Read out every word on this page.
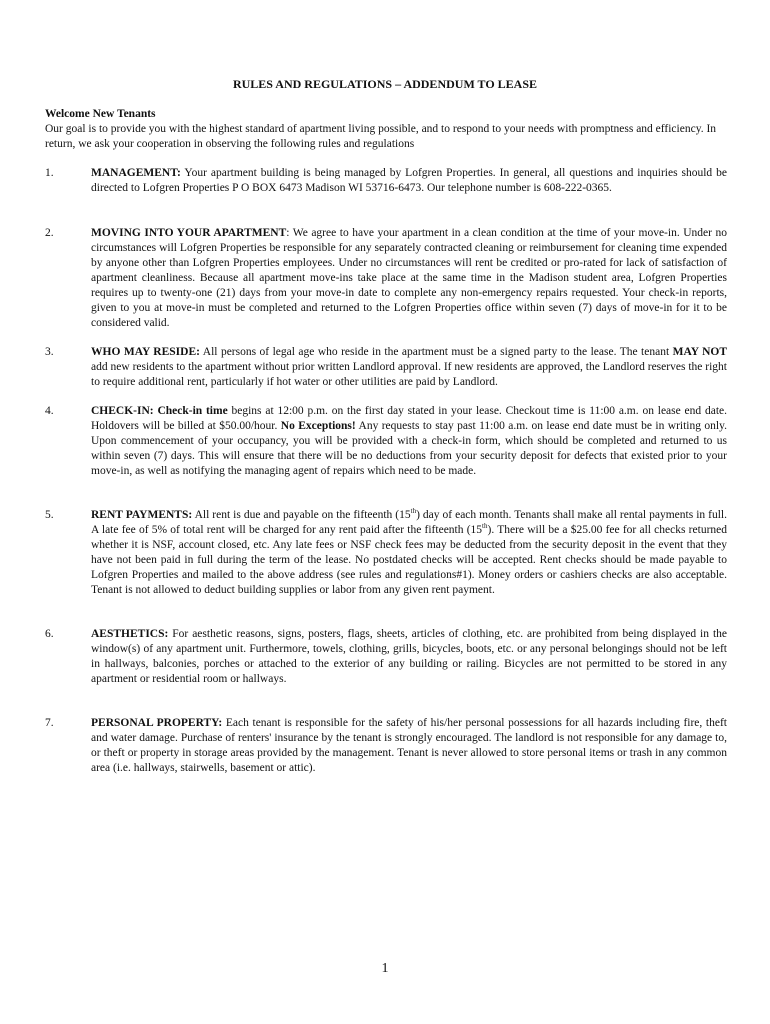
RULES AND REGULATIONS – ADDENDUM TO LEASE
Welcome New Tenants
Our goal is to provide you with the highest standard of apartment living possible, and to respond to your needs with promptness and efficiency. In return, we ask your cooperation in observing the following rules and regulations
1.	MANAGEMENT: Your apartment building is being managed by Lofgren Properties. In general, all questions and inquiries should be directed to Lofgren Properties P O BOX 6473 Madison WI 53716-6473. Our telephone number is 608-222-0365.
2.	MOVING INTO YOUR APARTMENT: We agree to have your apartment in a clean condition at the time of your move-in. Under no circumstances will Lofgren Properties be responsible for any separately contracted cleaning or reimbursement for cleaning time expended by anyone other than Lofgren Properties employees. Under no circumstances will rent be credited or pro-rated for lack of satisfaction of apartment cleanliness. Because all apartment move-ins take place at the same time in the Madison student area, Lofgren Properties requires up to twenty-one (21) days from your move-in date to complete any non-emergency repairs requested. Your check-in reports, given to you at move-in must be completed and returned to the Lofgren Properties office within seven (7) days of move-in for it to be considered valid.
3.	WHO MAY RESIDE: All persons of legal age who reside in the apartment must be a signed party to the lease. The tenant MAY NOT add new residents to the apartment without prior written Landlord approval. If new residents are approved, the Landlord reserves the right to require additional rent, particularly if hot water or other utilities are paid by Landlord.
4.	CHECK-IN: Check-in time begins at 12:00 p.m. on the first day stated in your lease. Checkout time is 11:00 a.m. on lease end date. Holdovers will be billed at $50.00/hour. No Exceptions! Any requests to stay past 11:00 a.m. on lease end date must be in writing only. Upon commencement of your occupancy, you will be provided with a check-in form, which should be completed and returned to us within seven (7) days. This will ensure that there will be no deductions from your security deposit for defects that existed prior to your move-in, as well as notifying the managing agent of repairs which need to be made.
5.	RENT PAYMENTS: All rent is due and payable on the fifteenth (15th) day of each month. Tenants shall make all rental payments in full. A late fee of 5% of total rent will be charged for any rent paid after the fifteenth (15th). There will be a $25.00 fee for all checks returned whether it is NSF, account closed, etc. Any late fees or NSF check fees may be deducted from the security deposit in the event that they have not been paid in full during the term of the lease. No postdated checks will be accepted. Rent checks should be made payable to Lofgren Properties and mailed to the above address (see rules and regulations#1). Money orders or cashiers checks are also acceptable. Tenant is not allowed to deduct building supplies or labor from any given rent payment.
6.	AESTHETICS: For aesthetic reasons, signs, posters, flags, sheets, articles of clothing, etc. are prohibited from being displayed in the window(s) of any apartment unit. Furthermore, towels, clothing, grills, bicycles, boots, etc. or any personal belongings should not be left in hallways, balconies, porches or attached to the exterior of any building or railing. Bicycles are not permitted to be stored in any apartment or residential room or hallways.
7.	PERSONAL PROPERTY: Each tenant is responsible for the safety of his/her personal possessions for all hazards including fire, theft and water damage. Purchase of renters' insurance by the tenant is strongly encouraged. The landlord is not responsible for any damage to, or theft or property in storage areas provided by the management. Tenant is never allowed to store personal items or trash in any common area (i.e. hallways, stairwells, basement or attic).
1
